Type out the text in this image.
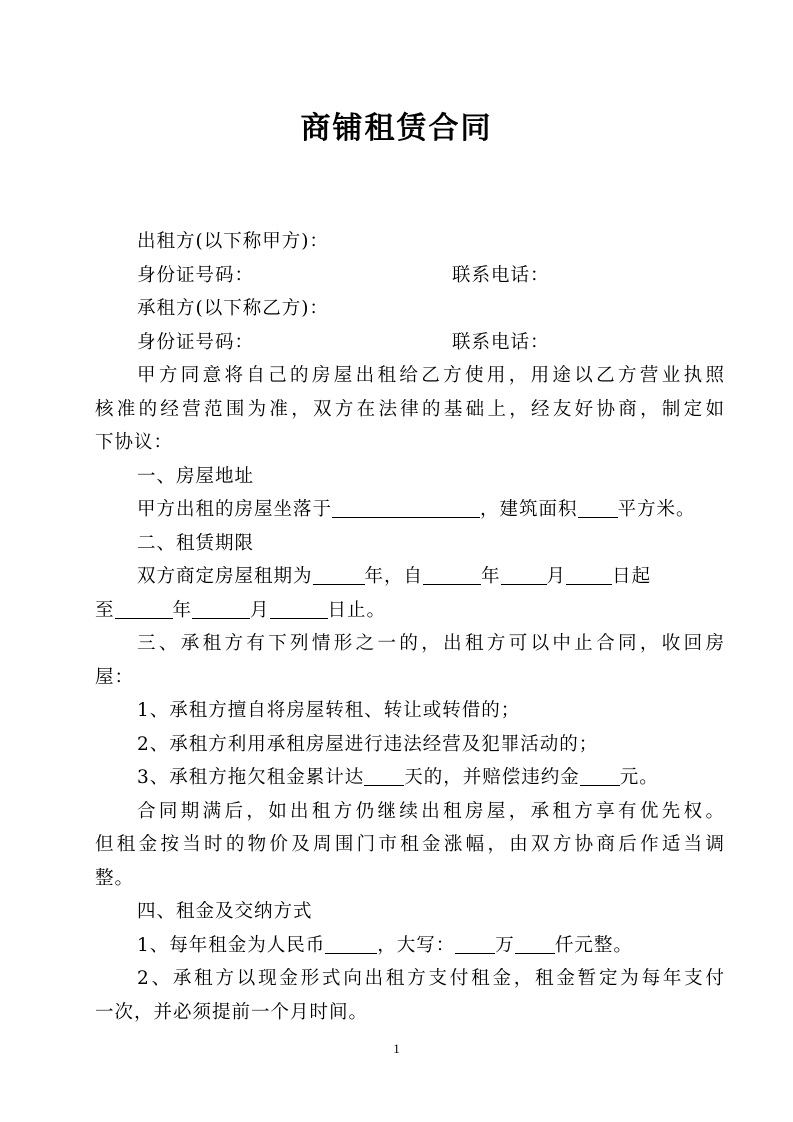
商铺租赁合同
出租方(以下称甲方)：
身份证号码：	联系电话：
承租方(以下称乙方)：
身份证号码：	联系电话：
甲方同意将自己的房屋出租给乙方使用，用途以乙方营业执照
核准的经营范围为准，双方在法律的基础上，经友好协商，制定如
下协议：
一、房屋地址
甲方出租的房屋坐落于	，建筑面积 平方米。
二、租赁期限
双方商定房屋租期为	年，自	年 月 日起
至	年	月	日止。
三、承租方有下列情形之一的，出租方可以中止合同，收回房
屋：
1、承租方擅自将房屋转租、转让或转借的；
2、承租方利用承租房屋进行违法经营及犯罪活动的；
3、承租方拖欠租金累计达 天的，并赔偿违约金 元。
合同期满后，如出租方仍继续出租房屋，承租方享有优先权。
但租金按当时的物价及周围门市租金涨幅，由双方协商后作适当调
整。
四、租金及交纳方式
1、每年租金为人民币	，大写： 万 仟元整。
2、承租方以现金形式向出租方支付租金，租金暂定为每年支付
一次，并必须提前一个月时间。
1
